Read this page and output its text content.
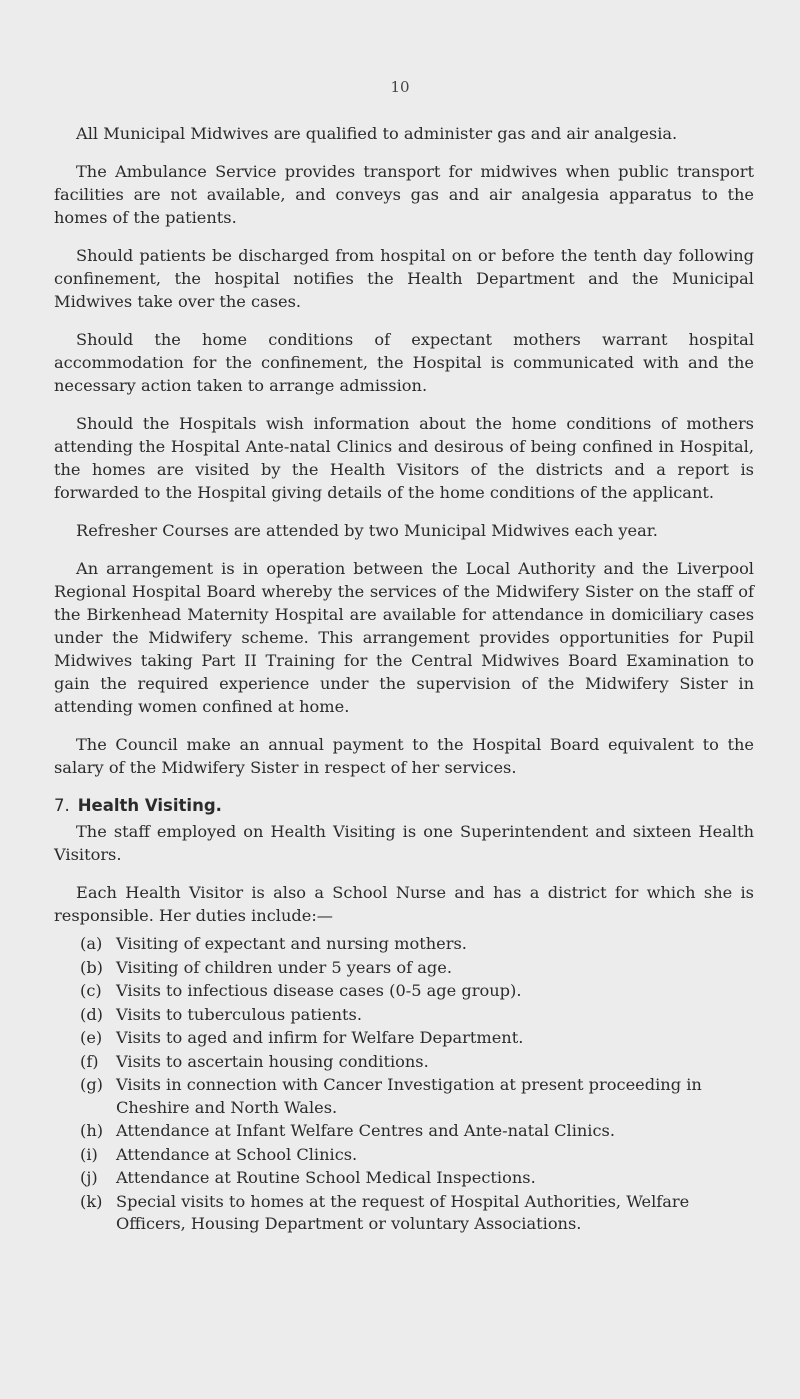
10

All Municipal Midwives are qualified to administer gas and air analgesia.

The Ambulance Service provides transport for midwives when public transport facilities are not available, and conveys gas and air analgesia apparatus to the homes of the patients.

Should patients be discharged from hospital on or before the tenth day following confinement, the hospital notifies the Health Department and the Municipal Midwives take over the cases.

Should the home conditions of expectant mothers warrant hospital accommodation for the confinement, the Hospital is communicated with and the necessary action taken to arrange admission.

Should the Hospitals wish information about the home conditions of mothers attending the Hospital Ante-natal Clinics and desirous of being confined in Hospital, the homes are visited by the Health Visitors of the districts and a report is forwarded to the Hospital giving details of the home conditions of the applicant.

Refresher Courses are attended by two Municipal Midwives each year.

An arrangement is in operation between the Local Authority and the Liverpool Regional Hospital Board whereby the services of the Midwifery Sister on the staff of the Birkenhead Maternity Hospital are available for attendance in domiciliary cases under the Midwifery scheme. This arrangement provides opportunities for Pupil Midwives taking Part II Training for the Central Midwives Board Examination to gain the required experience under the supervision of the Midwifery Sister in attending women confined at home.

The Council make an annual payment to the Hospital Board equivalent to the salary of the Midwifery Sister in respect of her services.

7. Health Visiting.

The staff employed on Health Visiting is one Superintendent and sixteen Health Visitors.

Each Health Visitor is also a School Nurse and has a district for which she is responsible. Her duties include:—

(a) Visiting of expectant and nursing mothers.
(b) Visiting of children under 5 years of age.
(c) Visits to infectious disease cases (0-5 age group).
(d) Visits to tuberculous patients.
(e) Visits to aged and infirm for Welfare Department.
(f)	Visits to ascertain housing conditions.
(g) Visits in connection with Cancer Investigation at present proceeding in Cheshire and North Wales.
(h) Attendance at Infant Welfare Centres and Ante-natal Clinics.
(i)	Attendance at School Clinics.
(j)	Attendance at Routine School Medical Inspections.
(k) Special visits to homes at the request of Hospital Authorities, Welfare Officers, Housing Department or voluntary Associations.
